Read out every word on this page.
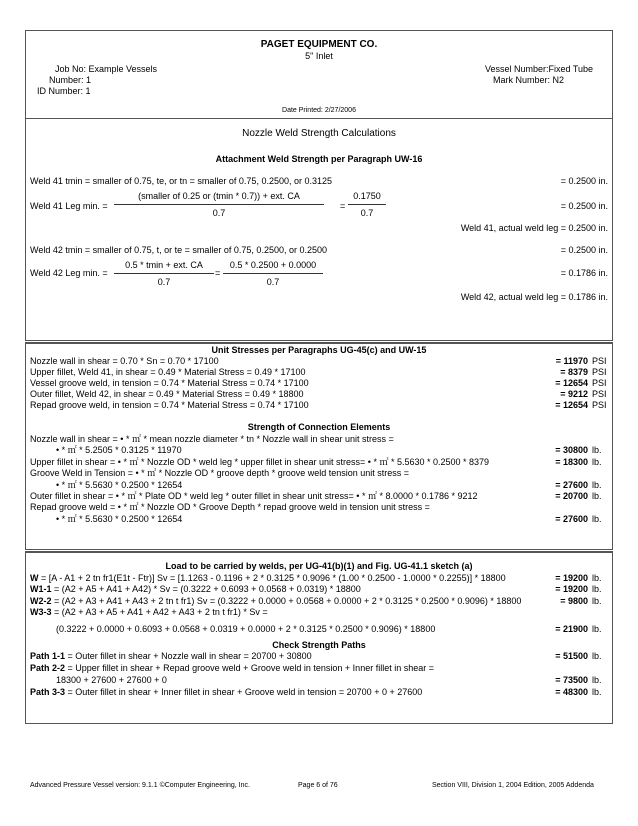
PAGET EQUIPMENT CO.
5" Inlet
Job No: Example Vessels
Number: 1
ID Number: 1
Vessel Number:Fixed Tube
Mark Number: N2
Date Printed: 2/27/2006
Nozzle Weld Strength Calculations
Attachment Weld Strength per Paragraph UW-16
Weld 41 tmin = smaller of 0.75, te, or tn = smaller of 0.75, 0.2500, or 0.3125	= 0.2500 in.
Weld 41 Leg min. =
(smaller of 0.25 or (tmin * 0.7)) + ext. CA
0.7
=
0.1750
0.7
= 0.2500 in.
Weld 41, actual weld leg = 0.2500 in.
Weld 42 tmin = smaller of 0.75, t, or te = smaller of 0.75, 0.2500, or 0.2500	= 0.2500 in.
Weld 42 Leg min. =
0.5 * tmin + ext. CA
0.7
=
0.5 * 0.2500 + 0.0000
0.7
= 0.1786 in.
Weld 42, actual weld leg = 0.1786 in.
Unit Stresses per Paragraphs UG-45(c) and UW-15
Nozzle wall in shear = 0.70 * Sn = 0.70 * 17100	= 11970 PSI
Upper fillet, Weld 41, in shear = 0.49 * Material Stress = 0.49 * 17100	= 8379 PSI
Vessel groove weld, in tension = 0.74 * Material Stress = 0.74 * 17100	= 12654 PSI
Outer fillet, Weld 42, in shear = 0.49 * Material Stress = 0.49 * 18800	= 9212 PSI
Repad groove weld, in tension = 0.74 * Material Stress = 0.74 * 17100	= 12654 PSI
Strength of Connection Elements
Nozzle wall in shear = • * ㎡ * mean nozzle diameter * tn * Nozzle wall in shear unit stress =
• * ㎡ * 5.2505 * 0.3125 * 11970	= 30800 lb.
Upper fillet in shear = • * ㎡ * Nozzle OD * weld leg * upper fillet in shear unit stress= • * ㎡ * 5.5630 * 0.2500 * 8379	= 18300 lb.
Groove Weld in Tension = • * ㎡ * Nozzle OD * groove depth * groove weld tension unit stress =
• * ㎡ * 5.5630 * 0.2500 * 12654	= 27600 lb.
Outer fillet in shear = • * ㎡ * Plate OD * weld leg * outer fillet in shear unit stress= • * ㎡ * 8.0000 * 0.1786 * 9212	= 20700 lb.
Repad groove weld = • * ㎡ * Nozzle OD * Groove Depth * repad groove weld in tension unit stress =
• * ㎡ * 5.5630 * 0.2500 * 12654	= 27600 lb.
Load to be carried by welds, per UG-41(b)(1) and Fig. UG-41.1 sketch (a)
W = [A - A1 + 2 tn fr1(E1t - Ftr)] Sv = [1.1263 - 0.1196 + 2 * 0.3125 * 0.9096 * (1.00 * 0.2500 - 1.0000 * 0.2255)] * 18800	= 19200 lb.
W1-1 = (A2 + A5 + A41 + A42) * Sv = (0.3222 + 0.6093 + 0.0568 + 0.0319) * 18800	= 19200 lb.
W2-2 = (A2 + A3 + A41 + A43 + 2 tn t fr1) Sv = (0.3222 + 0.0000 + 0.0568 + 0.0000 + 2 * 0.3125 * 0.2500 * 0.9096) * 18800	= 9800 lb.
W3-3 = (A2 + A3 + A5 + A41 + A42 + A43 + 2 tn t fr1) * Sv =
(0.3222 + 0.0000 + 0.6093 + 0.0568 + 0.0319 + 0.0000 + 2 * 0.3125 * 0.2500 * 0.9096) * 18800	= 21900 lb.
Check Strength Paths
Path 1-1 = Outer fillet in shear + Nozzle wall in shear = 20700 + 30800	= 51500 lb.
Path 2-2 = Upper fillet in shear + Repad groove weld + Groove weld in tension + Inner fillet in shear =
18300 + 27600 + 27600 + 0	= 73500 lb.
Path 3-3 = Outer fillet in shear + Inner fillet in shear + Groove weld in tension = 20700 + 0 + 27600	= 48300 lb.
Advanced Pressure Vessel version: 9.1.1 ©Computer Engineering, Inc.	Page 6 of 76	Section VIII, Division 1, 2004 Edition, 2005 Addenda
